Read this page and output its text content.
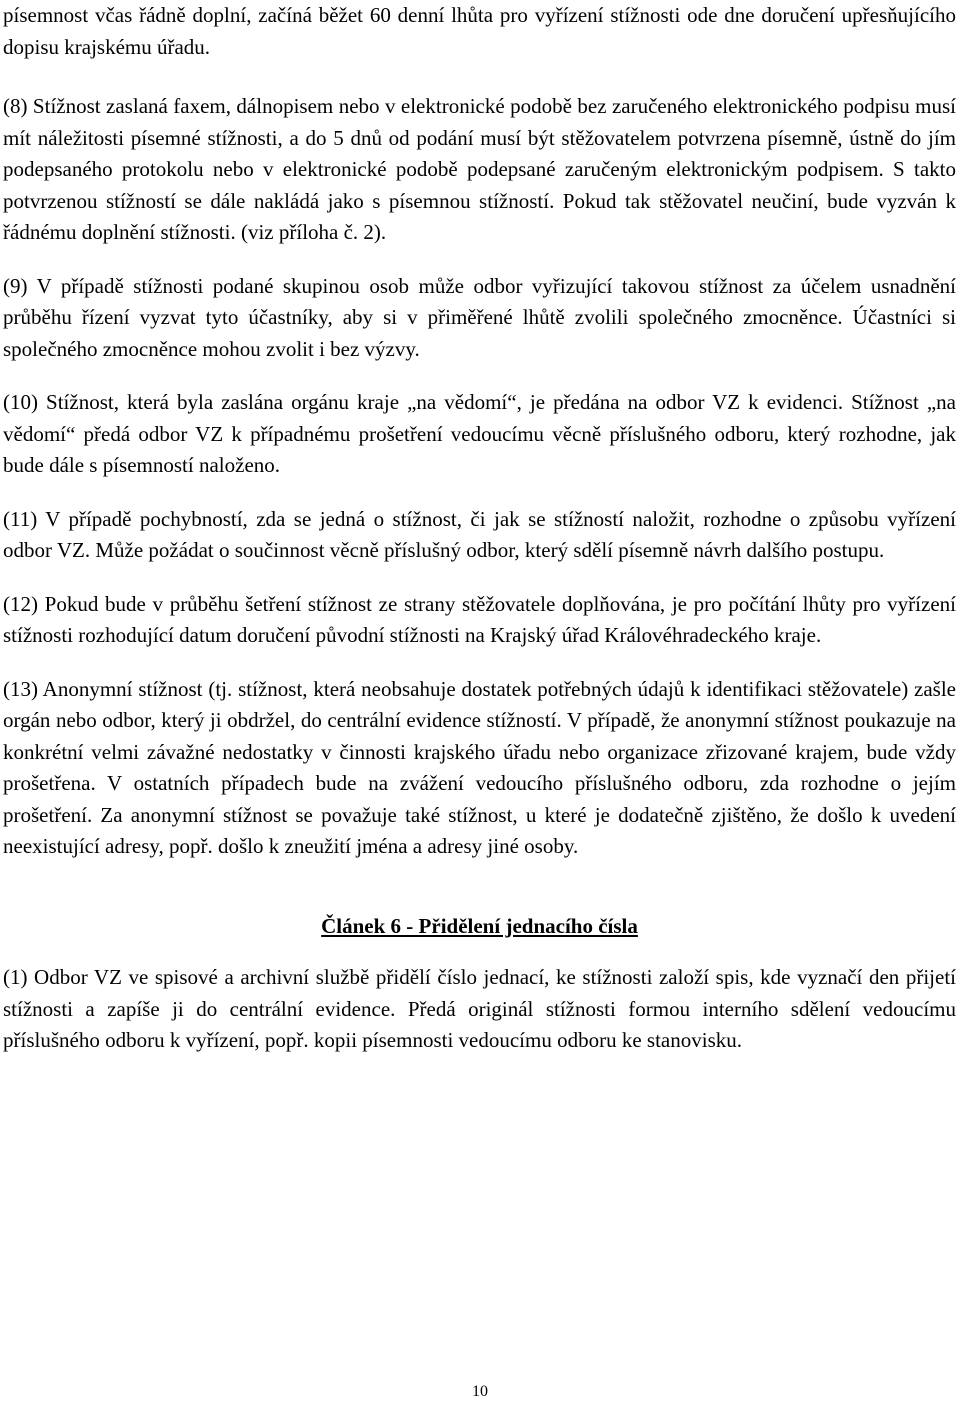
písemnost včas řádně doplní, začíná běžet 60 denní lhůta pro vyřízení stížnosti ode dne doručení upřesňujícího dopisu krajskému úřadu.

(8) Stížnost zaslaná faxem, dálnopisem nebo v elektronické podobě bez zaručeného elektronického podpisu musí mít náležitosti písemné stížnosti, a do 5 dnů od podání musí být stěžovatelem potvrzena písemně, ústně do jím podepsaného protokolu nebo v elektronické podobě podepsané zaručeným elektronickým podpisem. S takto potvrzenou stížností se dále nakládá jako s písemnou stížností. Pokud tak stěžovatel neučiní, bude vyzván k řádnému doplnění stížnosti. (viz příloha č. 2).

(9) V případě stížnosti podané skupinou osob může odbor vyřizující takovou stížnost za účelem usnadnění průběhu řízení vyzvat tyto účastníky, aby si v přiměřené lhůtě zvolili společného zmocněnce. Účastníci si společného zmocněnce mohou zvolit i bez výzvy.

(10) Stížnost, která byla zaslána orgánu kraje „na vědomí“, je předána na odbor VZ k evidenci. Stížnost „na vědomí“ předá odbor VZ k případnému prošetření vedoucímu věcně příslušného odboru, který rozhodne, jak bude dále s písemností naloženo.

(11) V případě pochybností, zda se jedná o stížnost, či jak se stížností naložit, rozhodne o způsobu vyřízení odbor VZ. Může požádat o součinnost věcně příslušný odbor, který sdělí písemně návrh dalšího postupu.

(12) Pokud bude v průběhu šetření stížnost ze strany stěžovatele doplňována, je pro počítání lhůty pro vyřízení stížnosti rozhodující datum doručení původní stížnosti na Krajský úřad Královéhradeckého kraje.

(13) Anonymní stížnost (tj. stížnost, která neobsahuje dostatek potřebných údajů k identifikaci stěžovatele) zašle orgán nebo odbor, který ji obdržel, do centrální evidence stížností. V případě, že anonymní stížnost poukazuje na konkrétní velmi závažné nedostatky v činnosti krajského úřadu nebo organizace zřizované krajem, bude vždy prošetřena. V ostatních případech bude na zvážení vedoucího příslušného odboru, zda rozhodne o jejím prošetření. Za anonymní stížnost se považuje také stížnost, u které je dodatečně zjištěno, že došlo k uvedení neexistující adresy, popř. došlo k zneužití jména a adresy jiné osoby.

Článek 6 - Přidělení jednacího čísla

(1) Odbor VZ ve spisové a archivní službě přidělí číslo jednací, ke stížnosti založí spis, kde vyznačí den přijetí stížnosti a zapíše ji do centrální evidence. Předá originál stížnosti formou interního sdělení vedoucímu příslušného odboru k vyřízení, popř. kopii písemnosti vedoucímu odboru ke stanovisku.

10
